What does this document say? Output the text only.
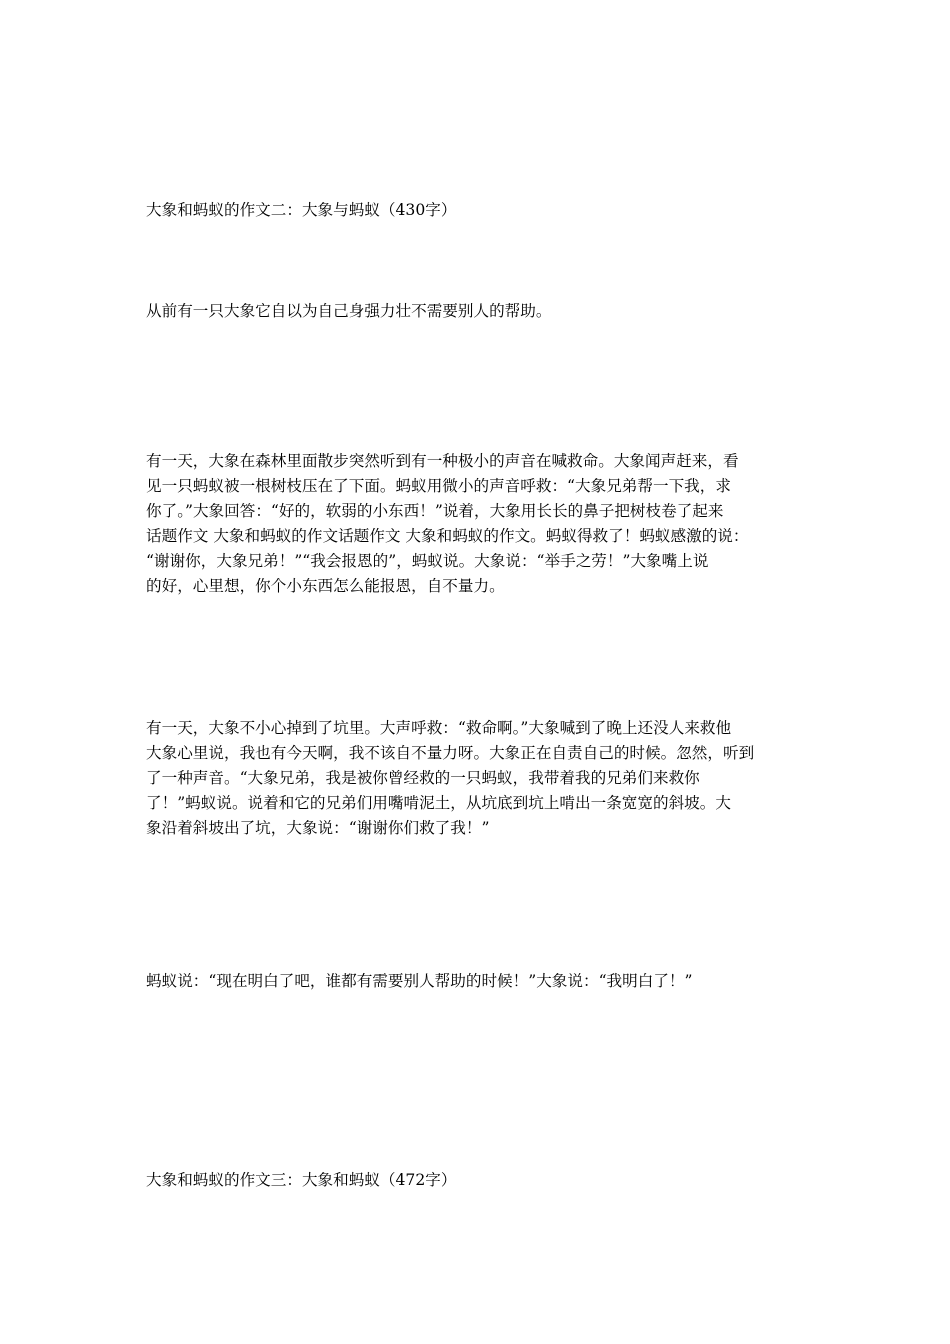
大象和蚂蚁的作文二：大象与蚂蚁（430字）

从前有一只大象它自以为自己身强力壮不需要别人的帮助。

有一天，大象在森林里面散步突然听到有一种极小的声音在喊救命。大象闻声赶来，看
见一只蚂蚁被一根树枝压在了下面。蚂蚁用微小的声音呼救：“大象兄弟帮一下我，求
你了。”大象回答：“好的，软弱的小东西！”说着，大象用长长的鼻子把树枝卷了起来
话题作文 大象和蚂蚁的作文话题作文 大象和蚂蚁的作文。蚂蚁得救了！蚂蚁感激的说：
“谢谢你，大象兄弟！”“我会报恩的”，蚂蚁说。大象说：“举手之劳！”大象嘴上说
的好，心里想，你个小东西怎么能报恩，自不量力。

有一天，大象不小心掉到了坑里。大声呼救：“救命啊。”大象喊到了晚上还没人来救他
大象心里说，我也有今天啊，我不该自不量力呀。大象正在自责自己的时候。忽然，听到
了一种声音。“大象兄弟，我是被你曾经救的一只蚂蚁，我带着我的兄弟们来救你
了！”蚂蚁说。说着和它的兄弟们用嘴啃泥土，从坑底到坑上啃出一条宽宽的斜坡。大
象沿着斜坡出了坑，大象说：“谢谢你们救了我！”

蚂蚁说：“现在明白了吧，谁都有需要别人帮助的时候！”大象说：“我明白了！”

大象和蚂蚁的作文三：大象和蚂蚁（472字）
